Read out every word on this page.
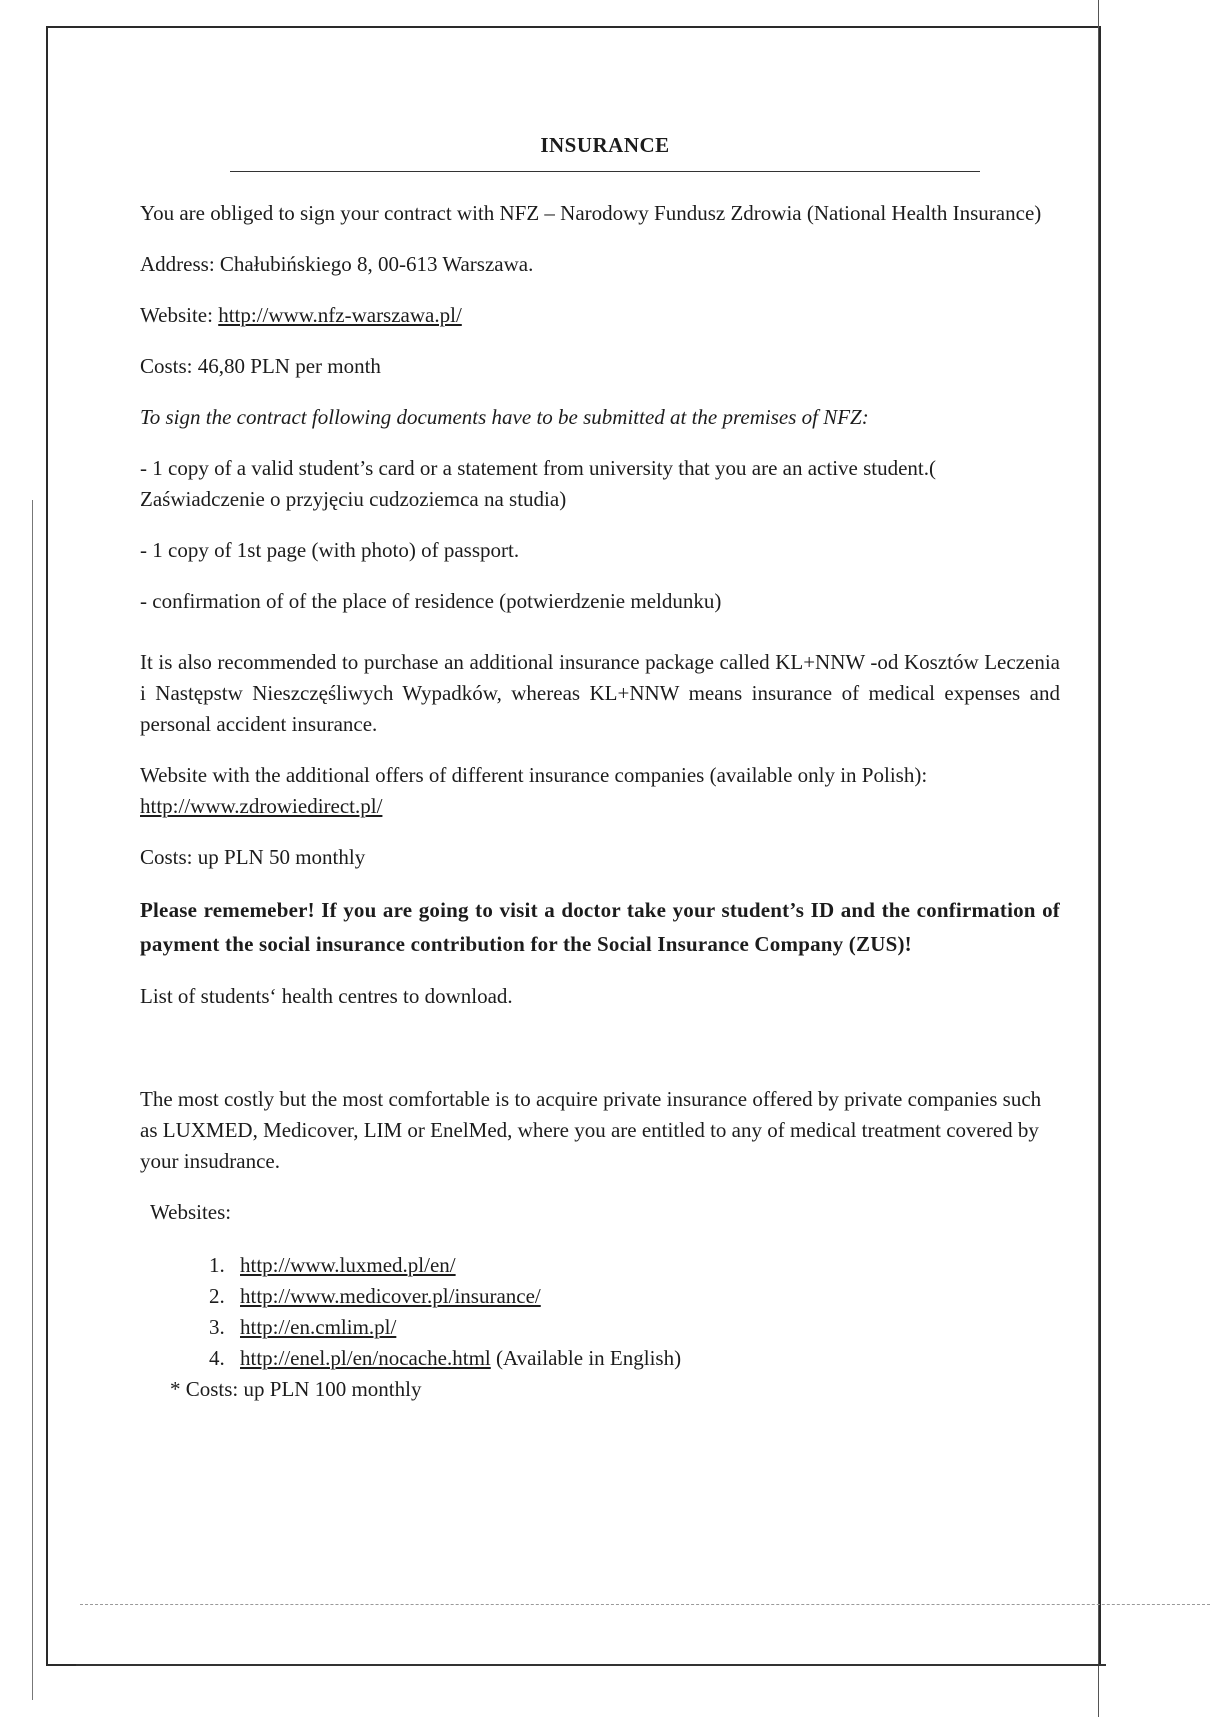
INSURANCE

You are obliged to sign your contract with NFZ – Narodowy Fundusz Zdrowia (National Health Insurance)

Address: Chałubińskiego 8, 00-613 Warszawa.

Website: http://www.nfz-warszawa.pl/

Costs: 46,80 PLN per month

To sign the contract following documents have to be submitted at the premises of NFZ:

- 1 copy of a valid student’s card or a statement from university that you are an active student.( Zaświadczenie o przyjęciu cudzoziemca na studia)

- 1 copy of 1st page (with photo) of passport.

- confirmation of of the place of residence (potwierdzenie meldunku)

It is also recommended to purchase an additional insurance package called KL+NNW -od Kosztów Leczenia i Następstw Nieszczęśliwych Wypadków, whereas KL+NNW means insurance of medical expenses and personal accident insurance.

Website with the additional offers of different insurance companies (available only in Polish):
http://www.zdrowiedirect.pl/

Costs: up PLN 50 monthly

Please rememeber! If you are going to visit a doctor take your student’s ID and the confirmation of payment the social insurance contribution for the Social Insurance Company (ZUS)!

List of students‘ health centres to download.

The most costly but the most comfortable is to acquire private insurance offered by private companies such as LUXMED, Medicover, LIM or EnelMed, where you are entitled to any of medical treatment covered by your insudrance.

Websites:

1. http://www.luxmed.pl/en/
2. http://www.medicover.pl/insurance/
3. http://en.cmlim.pl/
4. http://enel.pl/en/nocache.html (Available in English)

* Costs: up PLN 100 monthly
